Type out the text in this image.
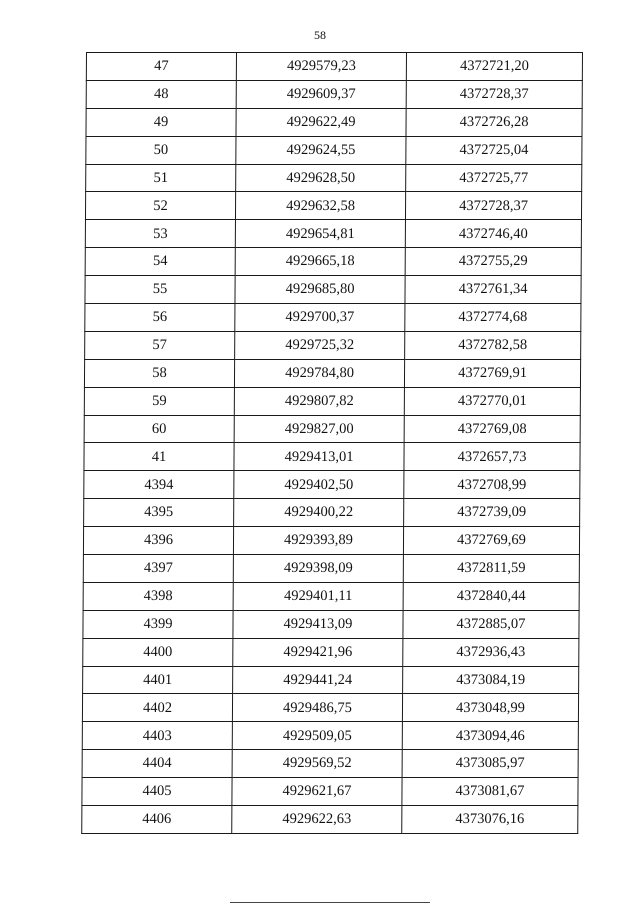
58
47	4929579,23	4372721,20
48	4929609,37	4372728,37
49	4929622,49	4372726,28
50	4929624,55	4372725,04
51	4929628,50	4372725,77
52	4929632,58	4372728,37
53	4929654,81	4372746,40
54	4929665,18	4372755,29
55	4929685,80	4372761,34
56	4929700,37	4372774,68
57	4929725,32	4372782,58
58	4929784,80	4372769,91
59	4929807,82	4372770,01
60	4929827,00	4372769,08
41	4929413,01	4372657,73
4394	4929402,50	4372708,99
4395	4929400,22	4372739,09
4396	4929393,89	4372769,69
4397	4929398,09	4372811,59
4398	4929401,11	4372840,44
4399	4929413,09	4372885,07
4400	4929421,96	4372936,43
4401	4929441,24	4373084,19
4402	4929486,75	4373048,99
4403	4929509,05	4373094,46
4404	4929569,52	4373085,97
4405	4929621,67	4373081,67
4406	4929622,63	4373076,16
